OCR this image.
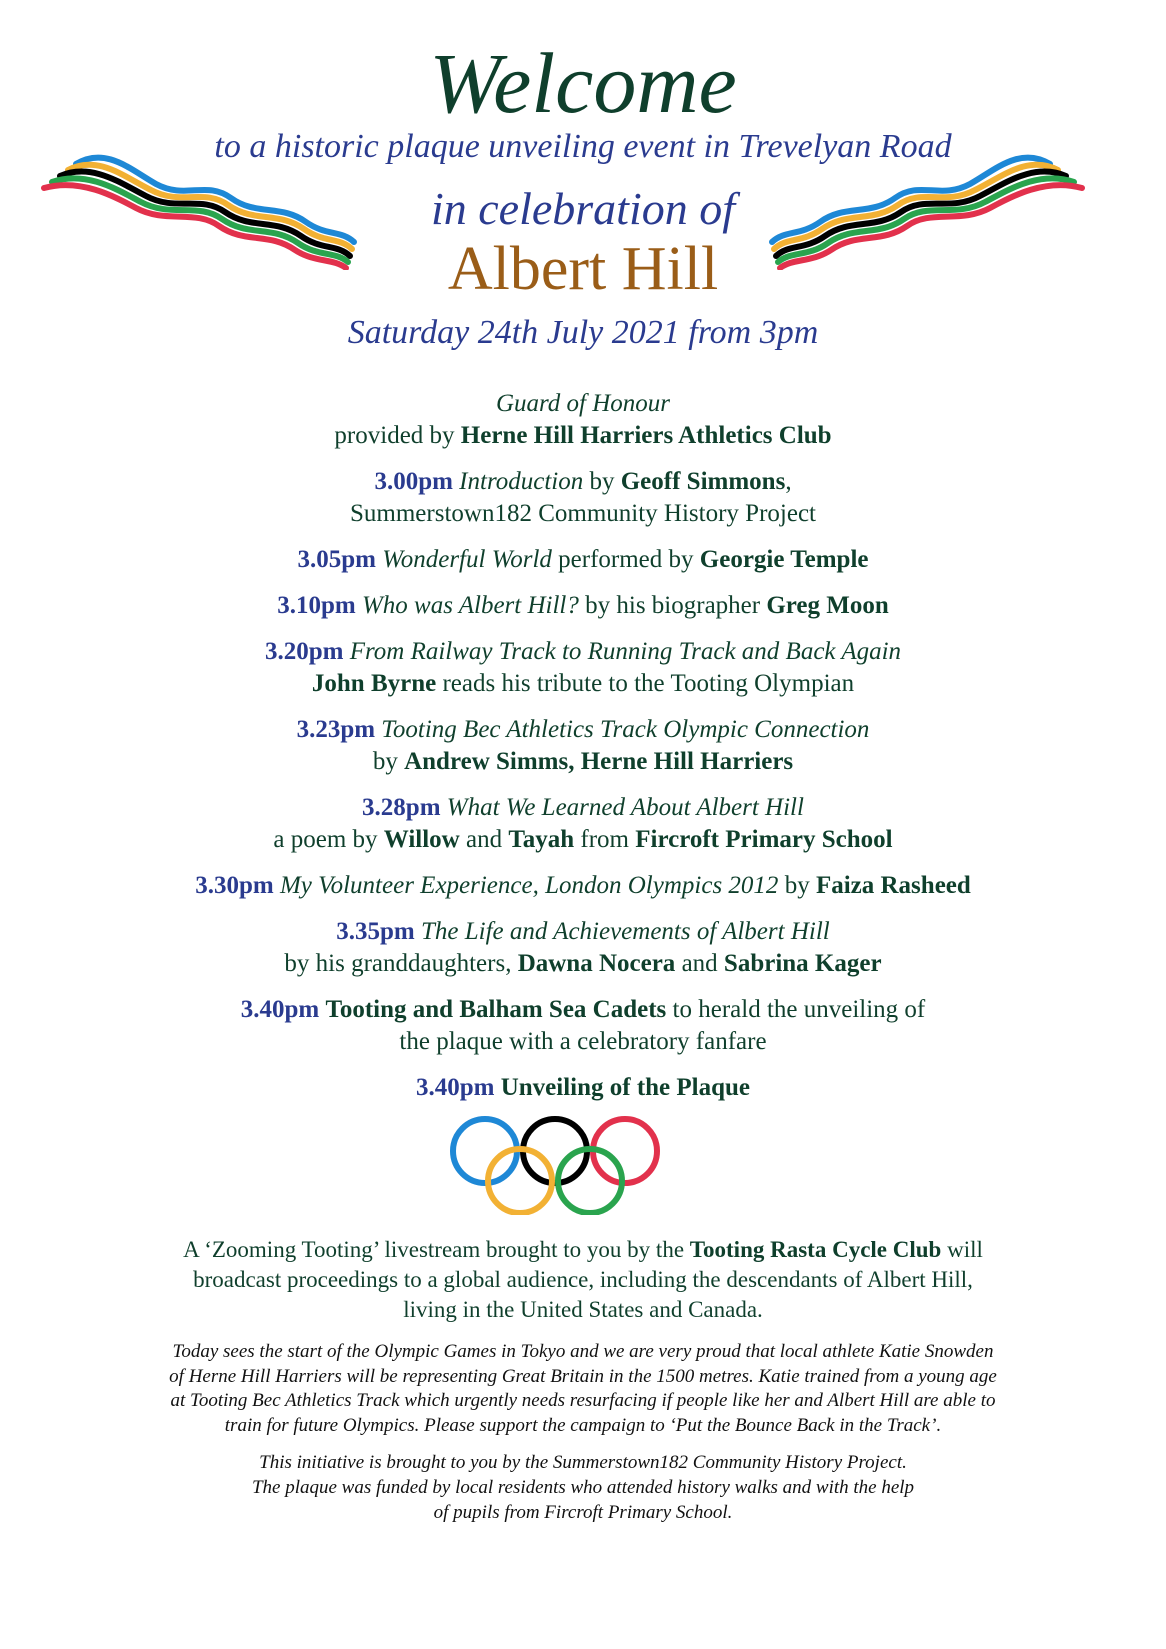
Welcome
to a historic plaque unveiling event in Trevelyan Road
in celebration of
Albert Hill
Saturday 24th July 2021 from 3pm
Guard of Honour
provided by Herne Hill Harriers Athletics Club
3.00pm Introduction by Geoff Simmons,
Summerstown182 Community History Project
3.05pm Wonderful World performed by Georgie Temple
3.10pm Who was Albert Hill? by his biographer Greg Moon
3.20pm From Railway Track to Running Track and Back Again
John Byrne reads his tribute to the Tooting Olympian
3.23pm Tooting Bec Athletics Track Olympic Connection
by Andrew Simms, Herne Hill Harriers
3.28pm What We Learned About Albert Hill
a poem by Willow and Tayah from Fircroft Primary School
3.30pm My Volunteer Experience, London Olympics 2012 by Faiza Rasheed
3.35pm The Life and Achievements of Albert Hill
by his granddaughters, Dawna Nocera and Sabrina Kager
3.40pm Tooting and Balham Sea Cadets to herald the unveiling of
the plaque with a celebratory fanfare
3.40pm Unveiling of the Plaque
A ‘Zooming Tooting’ livestream brought to you by the Tooting Rasta Cycle Club will
broadcast proceedings to a global audience, including the descendants of Albert Hill,
living in the United States and Canada.
Today sees the start of the Olympic Games in Tokyo and we are very proud that local athlete Katie Snowden
of Herne Hill Harriers will be representing Great Britain in the 1500 metres. Katie trained from a young age
at Tooting Bec Athletics Track which urgently needs resurfacing if people like her and Albert Hill are able to
train for future Olympics. Please support the campaign to ‘Put the Bounce Back in the Track’.
This initiative is brought to you by the Summerstown182 Community History Project.
The plaque was funded by local residents who attended history walks and with the help
of pupils from Fircroft Primary School.
